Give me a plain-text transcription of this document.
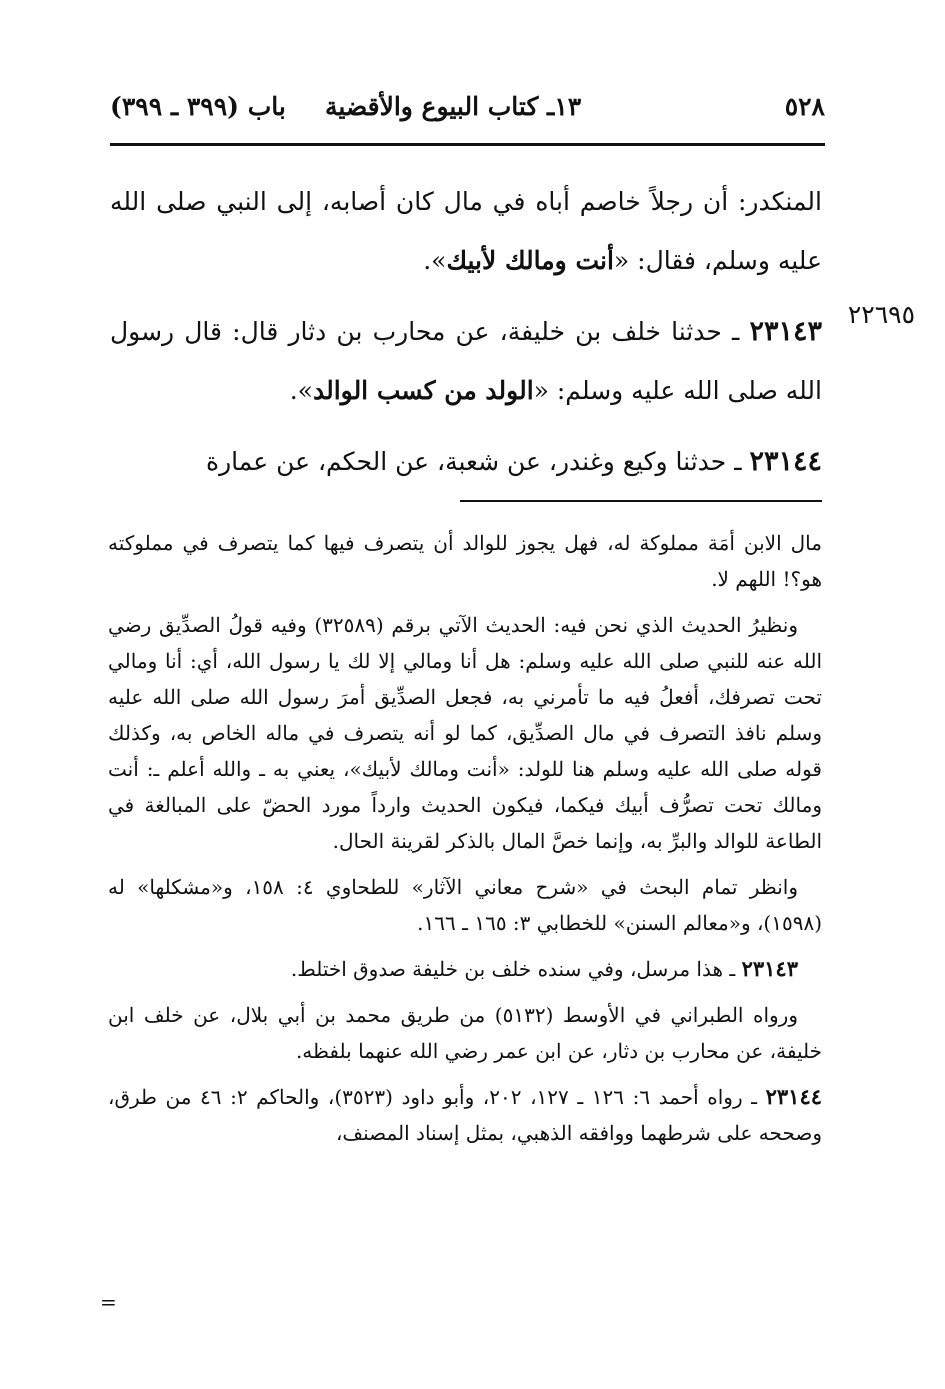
٥٢٨
١٣ـ كتاب البيوع والأقضية
باب (٣٩٩ ـ ٣٩٩)
٢٢٦٩٥

المنكدر: أن رجلاً خاصم أباه في مال كان أصابه، إلى النبي صلى الله عليه وسلم، فقال: «أنت ومالك لأبيك».

٢٣١٤٣ ـ حدثنا خلف بن خليفة، عن محارب بن دثار قال: قال رسول الله صلى الله عليه وسلم: «الولد من كسب الوالد».

٢٣١٤٤ ـ حدثنا وكيع وغندر، عن شعبة، عن الحكم، عن عمارة

مال الابن أمَة مملوكة له، فهل يجوز للوالد أن يتصرف فيها كما يتصرف في مملوكته هو؟! اللهم لا.

ونظيرُ الحديث الذي نحن فيه: الحديث الآتي برقم (٣٢٥٨٩) وفيه قولُ الصدِّيق رضي الله عنه للنبي صلى الله عليه وسلم: هل أنا ومالي إلا لك يا رسول الله، أي: أنا ومالي تحت تصرفك، أفعلُ فيه ما تأمرني به، فجعل الصدِّيق أمرَ رسول الله صلى الله عليه وسلم نافذ التصرف في مال الصدِّيق، كما لو أنه يتصرف في ماله الخاص به، وكذلك قوله صلى الله عليه وسلم هنا للولد: «أنت ومالك لأبيك»، يعني به ـ والله أعلم ـ: أنت ومالك تحت تصرُّف أبيك فيكما، فيكون الحديث وارداً مورد الحضّ على المبالغة في الطاعة للوالد والبرِّ به، وإنما خصَّ المال بالذكر لقرينة الحال.

وانظر تمام البحث في «شرح معاني الآثار» للطحاوي ٤: ١٥٨، و«مشكلها» له (١٥٩٨)، و«معالم السنن» للخطابي ٣: ١٦٥ ـ ١٦٦.

٢٣١٤٣ ـ هذا مرسل، وفي سنده خلف بن خليفة صدوق اختلط.

ورواه الطبراني في الأوسط (٥١٣٢) من طريق محمد بن أبي بلال، عن خلف ابن خليفة، عن محارب بن دثار، عن ابن عمر رضي الله عنهما بلفظه.

٢٣١٤٤ ـ رواه أحمد ٦: ١٢٦ ـ ١٢٧، ٢٠٢، وأبو داود (٣٥٢٣)، والحاكم ٢: ٤٦ من طرق، وصححه على شرطهما ووافقه الذهبي، بمثل إسناد المصنف،

=
